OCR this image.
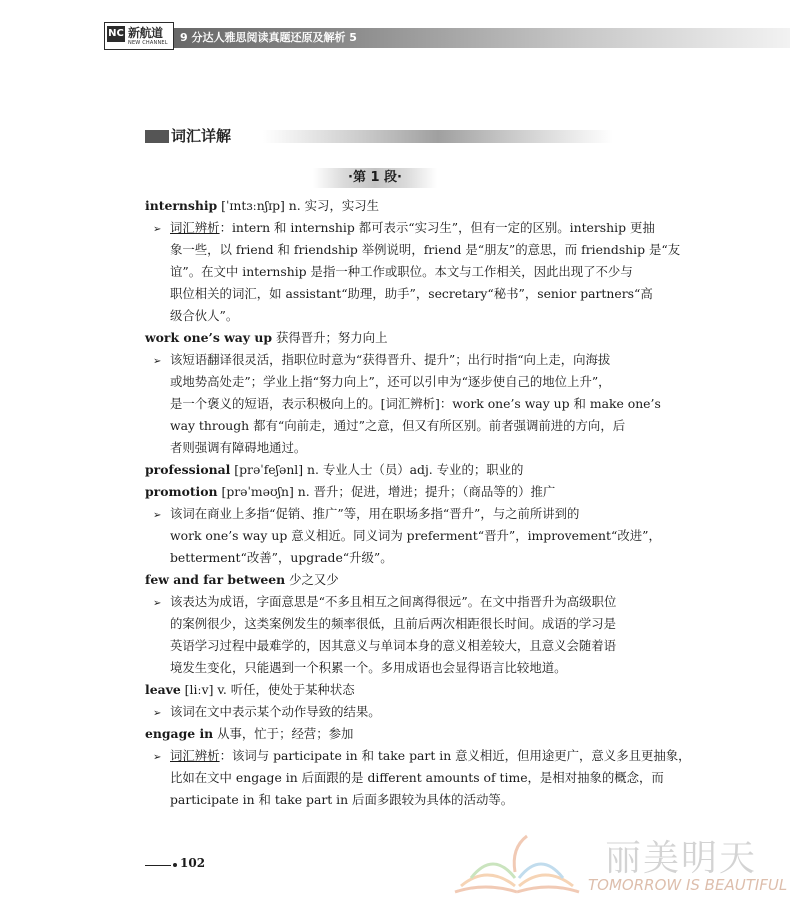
NC 新航道
NEW CHANNEL 9 分达人雅思阅读真题还原及解析 5
词汇详解
·第 1 段·
internship [ˈɪntɜːnʃɪp] n. 实习，实习生
➢ 词汇辨析：intern 和 internship 都可表示“实习生”，但有一定的区别。intership 更抽
象一些，以 friend 和 friendship 举例说明，friend 是“朋友”的意思，而 friendship 是“友
谊”。在文中 internship 是指一种工作或职位。本文与工作相关，因此出现了不少与
职位相关的词汇，如 assistant“助理，助手”，secretary“秘书”，senior partners“高
级合伙人”。
work one’s way up 获得晋升；努力向上
➢ 该短语翻译很灵活，指职位时意为“获得晋升、提升”；出行时指“向上走，向海拔
或地势高处走”；学业上指“努力向上”，还可以引申为“逐步使自己的地位上升”，
是一个褒义的短语，表示积极向上的。[词汇辨析]：work one’s way up 和 make one’s
way through 都有“向前走，通过”之意，但又有所区别。前者强调前进的方向，后
者则强调有障碍地通过。
professional [prəˈfeʃənl] n. 专业人士（员）adj. 专业的；职业的
promotion [prəˈməʊʃn] n. 晋升；促进，增进；提升；（商品等的）推广
➢ 该词在商业上多指“促销、推广”等，用在职场多指“晋升”，与之前所讲到的
work one’s way up 意义相近。同义词为 preferment“晋升”，improvement“改进”，
betterment“改善”，upgrade“升级”。
few and far between 少之又少
➢ 该表达为成语，字面意思是“不多且相互之间离得很远”。在文中指晋升为高级职位
的案例很少，这类案例发生的频率很低，且前后两次相距很长时间。成语的学习是
英语学习过程中最难学的，因其意义与单词本身的意义相差较大，且意义会随着语
境发生变化，只能遇到一个积累一个。多用成语也会显得语言比较地道。
leave [liːv] v. 听任，使处于某种状态
➢ 该词在文中表示某个动作导致的结果。
engage in 从事，忙于；经营；参加
➢ 词汇辨析：该词与 participate in 和 take part in 意义相近，但用途更广，意义多且更抽象，
比如在文中 engage in 后面跟的是 different amounts of time，是相对抽象的概念，而
participate in 和 take part in 后面多跟较为具体的活动等。
102	丽美明天
TOMORROW IS BEAUTIFUL
